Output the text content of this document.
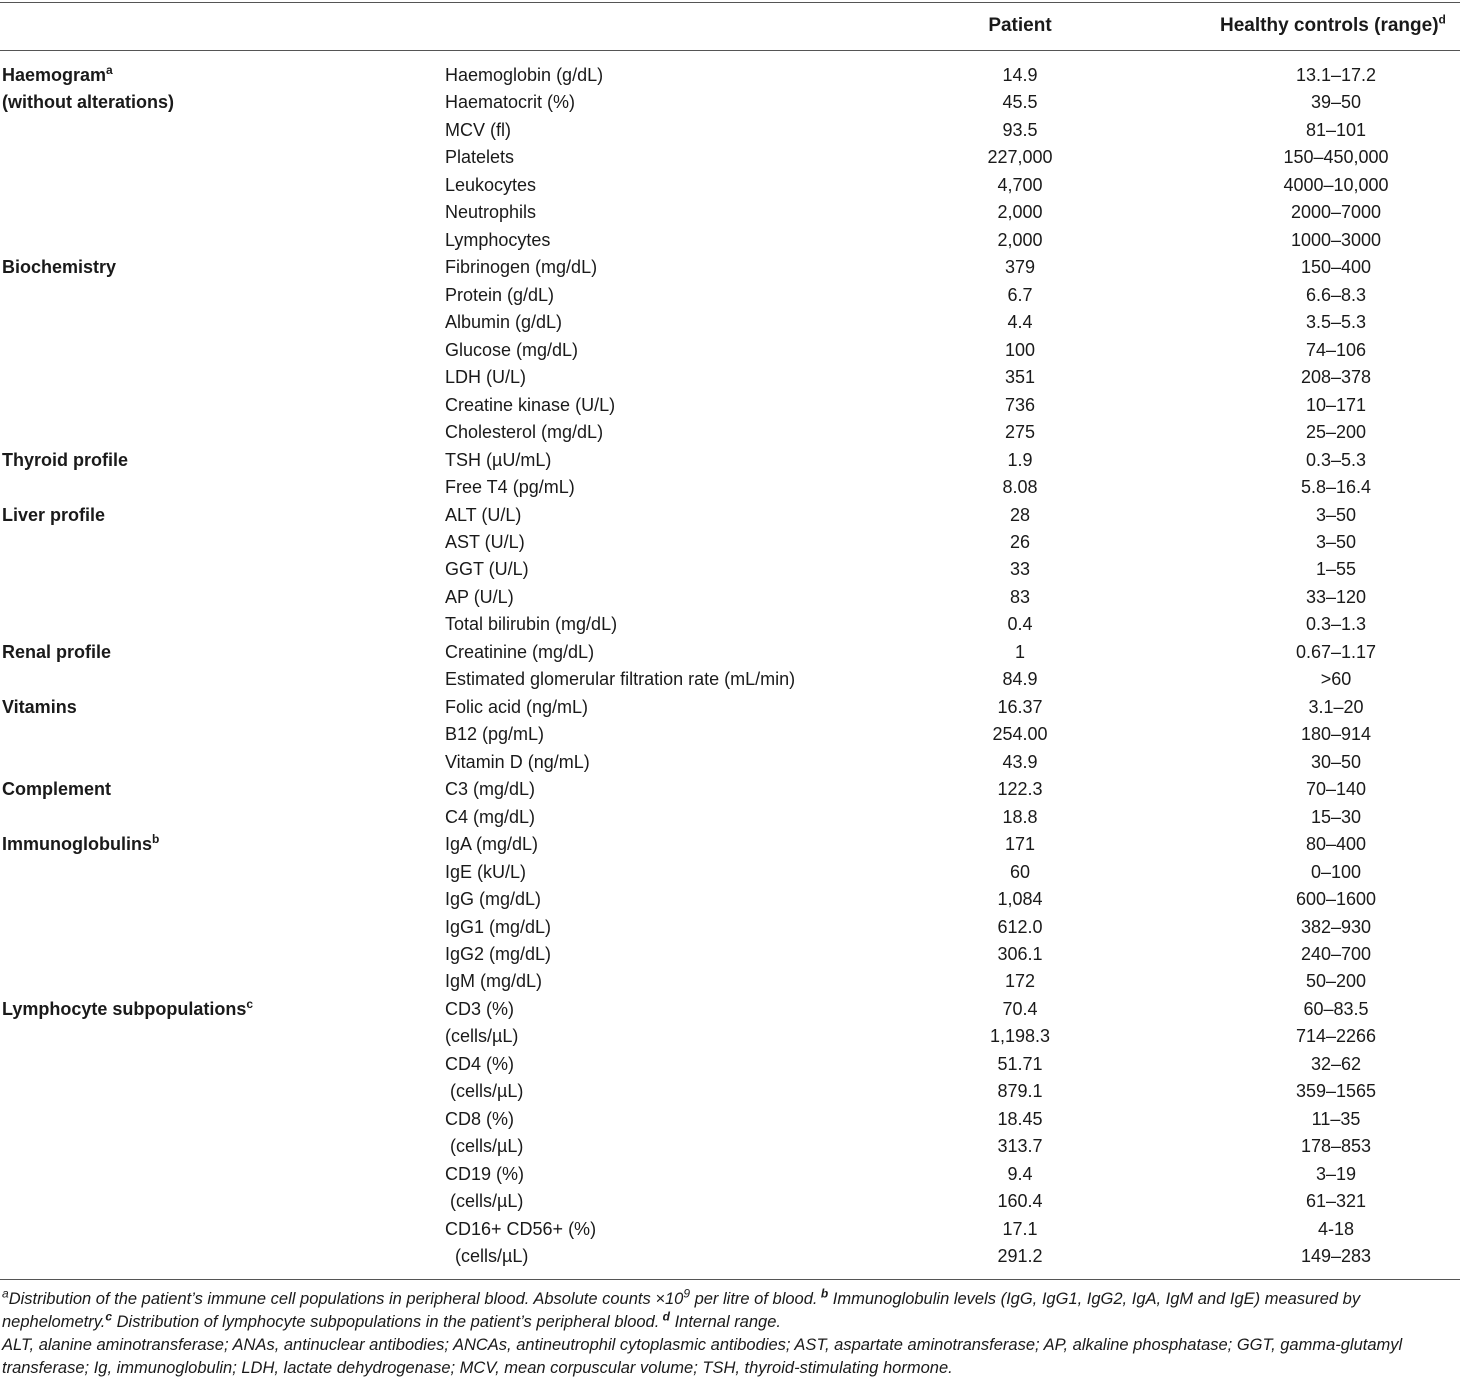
Patient	Healthy controls (range)$^d$
Haemogram$^a$
(without alterations)
Haemoglobin (g/dL)	14.9	13.1–17.2
Haematocrit (%)	45.5	39–50
MCV (fl)	93.5	81–101
Platelets	227,000	150–450,000
Leukocytes	4,700	4000–10,000
Neutrophils	2,000	2000–7000
Lymphocytes	2,000	1000–3000
Biochemistry	Fibrinogen (mg/dL)	379	150–400
Protein (g/dL)	6.7	6.6–8.3
Albumin (g/dL)	4.4	3.5–5.3
Glucose (mg/dL)	100	74–106
LDH (U/L)	351	208–378
Creatine kinase (U/L)	736	10–171
Cholesterol (mg/dL)	275	25–200
Thyroid profile	TSH (µU/mL)	1.9	0.3–5.3
Free T4 (pg/mL)	8.08	5.8–16.4
Liver profile	ALT (U/L)	28	3–50
AST (U/L)	26	3–50
GGT (U/L)	33	1–55
AP (U/L)	83	33–120
Total bilirubin (mg/dL)	0.4	0.3–1.3
Renal profile	Creatinine (mg/dL)	1	0.67–1.17
Estimated glomerular filtration rate (mL/min)	84.9	>60
Vitamins	Folic acid (ng/mL)	16.37	3.1–20
B12 (pg/mL)	254.00	180–914
Vitamin D (ng/mL)	43.9	30–50
Complement	C3 (mg/dL)	122.3	70–140
C4 (mg/dL)	18.8	15–30
Immunoglobulins$^b$	IgA (mg/dL)	171	80–400
IgE (kU/L)	60	0–100
IgG (mg/dL)	1,084	600–1600
IgG1 (mg/dL)	612.0	382–930
IgG2 (mg/dL)	306.1	240–700
IgM (mg/dL)	172	50–200
Lymphocyte subpopulations$^c$	CD3 (%)	70.4	60–83.5
(cells/µL)	1,198.3	714–2266
CD4 (%)	51.71	32–62
(cells/µL)	879.1	359–1565
CD8 (%)	18.45	11–35
(cells/µL)	313.7	178–853
CD19 (%)	9.4	3–19
(cells/µL)	160.4	61–321
CD16+ CD56+ (%)	17.1	4-18
(cells/µL)	291.2	149–283

$^a$Distribution of the patient’s immune cell populations in peripheral blood. Absolute counts $\times 10^9$ per litre of blood. $^b$ Immunoglobulin levels (IgG, IgG1, IgG2, IgA, IgM and IgE) measured by nephelometry.$^c$ Distribution of lymphocyte subpopulations in the patient’s peripheral blood. $^d$ Internal range.

ALT, alanine aminotransferase; ANAs, antinuclear antibodies; ANCAs, antineutrophil cytoplasmic antibodies; AST, aspartate aminotransferase; AP, alkaline phosphatase; GGT, gamma-glutamyl transferase; Ig, immunoglobulin; LDH, lactate dehydrogenase; MCV, mean corpuscular volume; TSH, thyroid-stimulating hormone.
